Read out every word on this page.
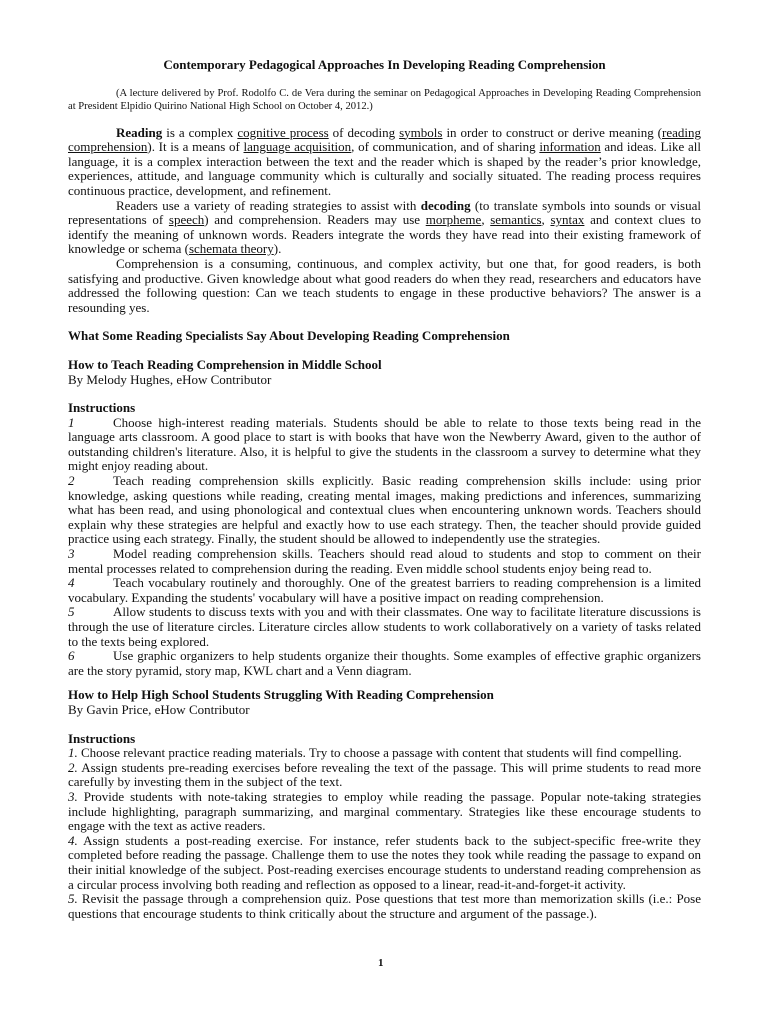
Contemporary Pedagogical Approaches In Developing Reading Comprehension

(A lecture delivered by Prof. Rodolfo C. de Vera during the seminar on Pedagogical Approaches in Developing Reading Comprehension at President Elpidio Quirino National High School on October 4, 2012.)

Reading is a complex cognitive process of decoding symbols in order to construct or derive meaning (reading comprehension). It is a means of language acquisition, of communication, and of sharing information and ideas. Like all language, it is a complex interaction between the text and the reader which is shaped by the reader’s prior knowledge, experiences, attitude, and language community which is culturally and socially situated. The reading process requires continuous practice, development, and refinement.

Readers use a variety of reading strategies to assist with decoding (to translate symbols into sounds or visual representations of speech) and comprehension. Readers may use morpheme, semantics, syntax and context clues to identify the meaning of unknown words. Readers integrate the words they have read into their existing framework of knowledge or schema (schemata theory).

Comprehension is a consuming, continuous, and complex activity, but one that, for good readers, is both satisfying and productive. Given knowledge about what good readers do when they read, researchers and educators have addressed the following question: Can we teach students to engage in these productive behaviors? The answer is a resounding yes.

What Some Reading Specialists Say About Developing Reading Comprehension

How to Teach Reading Comprehension in Middle School

By Melody Hughes, eHow Contributor

Instructions

1	Choose high-interest reading materials. Students should be able to relate to those texts being read in the language arts classroom. A good place to start is with books that have won the Newberry Award, given to the author of outstanding children's literature. Also, it is helpful to give the students in the classroom a survey to determine what they might enjoy reading about.

2	Teach reading comprehension skills explicitly. Basic reading comprehension skills include: using prior knowledge, asking questions while reading, creating mental images, making predictions and inferences, summarizing what has been read, and using phonological and contextual clues when encountering unknown words. Teachers should explain why these strategies are helpful and exactly how to use each strategy. Then, the teacher should provide guided practice using each strategy. Finally, the student should be allowed to independently use the strategies.

3	Model reading comprehension skills. Teachers should read aloud to students and stop to comment on their mental processes related to comprehension during the reading. Even middle school students enjoy being read to.

4	Teach vocabulary routinely and thoroughly. One of the greatest barriers to reading comprehension is a limited vocabulary. Expanding the students' vocabulary will have a positive impact on reading comprehension.

5	Allow students to discuss texts with you and with their classmates. One way to facilitate literature discussions is through the use of literature circles. Literature circles allow students to work collaboratively on a variety of tasks related to the texts being explored.

6	Use graphic organizers to help students organize their thoughts. Some examples of effective graphic organizers are the story pyramid, story map, KWL chart and a Venn diagram.

How to Help High School Students Struggling With Reading Comprehension

By Gavin Price, eHow Contributor

Instructions

1. Choose relevant practice reading materials. Try to choose a passage with content that students will find compelling.

2. Assign students pre-reading exercises before revealing the text of the passage. This will prime students to read more carefully by investing them in the subject of the text.

3. Provide students with note-taking strategies to employ while reading the passage. Popular note-taking strategies include highlighting, paragraph summarizing, and marginal commentary. Strategies like these encourage students to engage with the text as active readers.

4. Assign students a post-reading exercise. For instance, refer students back to the subject-specific free-write they completed before reading the passage. Challenge them to use the notes they took while reading the passage to expand on their initial knowledge of the subject. Post-reading exercises encourage students to understand reading comprehension as a circular process involving both reading and reflection as opposed to a linear, read-it-and-forget-it activity.

5. Revisit the passage through a comprehension quiz. Pose questions that test more than memorization skills (i.e.: Pose questions that encourage students to think critically about the structure and argument of the passage.).

1
